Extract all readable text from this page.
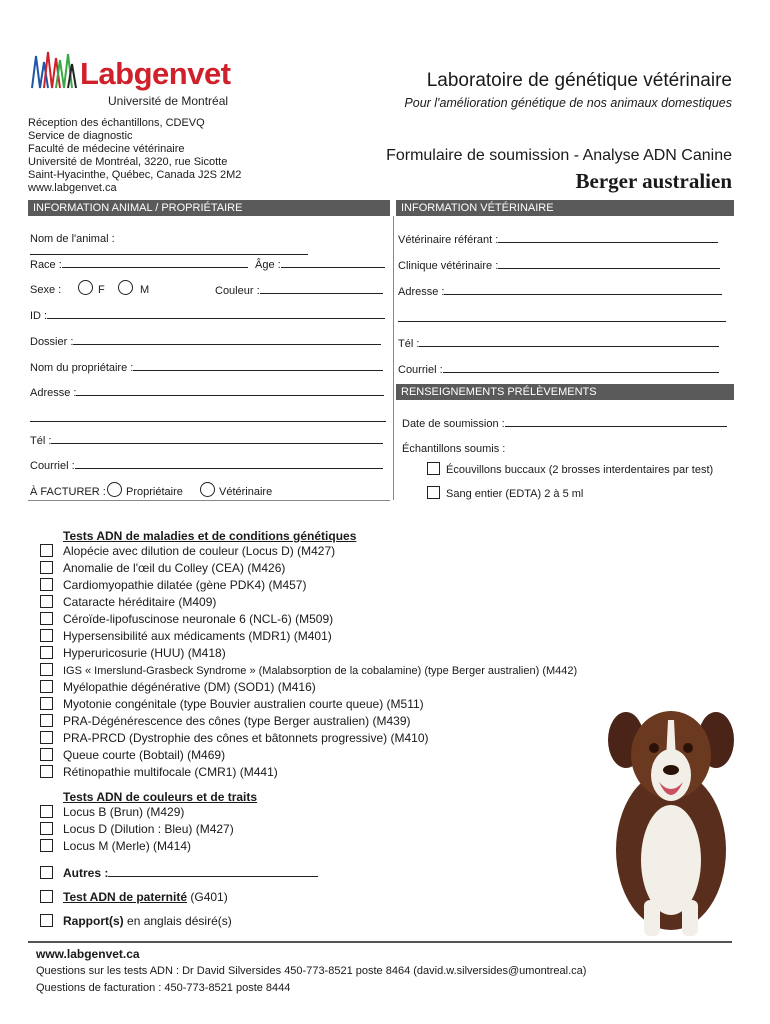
Labgenvet
Université de Montréal
Réception des échantillons, CDEVQ
Service de diagnostic
Faculté de médecine vétérinaire
Université de Montréal, 3220, rue Sicotte
Saint-Hyacinthe, Québec, Canada J2S 2M2
www.labgenvet.ca
Laboratoire de génétique vétérinaire
Pour l'amélioration génétique de nos animaux domestiques
Formulaire de soumission - Analyse ADN Canine
Berger australien
INFORMATION ANIMAL / PROPRIÉTAIRE	INFORMATION VÉTÉRINAIRE
Nom de l'animal :
Race :	Âge :
Sexe :	F	M	Couleur :
ID :
Dossier :
Nom du propriétaire :
Adresse :
Tél :
Courriel :
À FACTURER : Propriétaire	Vétérinaire
Vétérinaire référant :
Clinique vétérinaire :
Adresse :
Tél :
Courriel :
RENSEIGNEMENTS PRÉLÈVEMENTS
Date de soumission :
Échantillons soumis :
Écouvillons buccaux (2 brosses interdentaires par test)
Sang entier (EDTA) 2 à 5 ml
Tests ADN de maladies et de conditions génétiques
Alopécie avec dilution de couleur (Locus D) (M427)
Anomalie de l'œil du Colley (CEA) (M426)
Cardiomyopathie dilatée (gène PDK4) (M457)
Cataracte héréditaire (M409)
Céroïde-lipofuscinose neuronale 6 (NCL-6) (M509)
Hypersensibilité aux médicaments (MDR1) (M401)
Hyperuricosurie (HUU) (M418)
IGS « Imerslund-Grasbeck Syndrome » (Malabsorption de la cobalamine) (type Berger australien) (M442)
Myélopathie dégénérative (DM) (SOD1) (M416)
Myotonie congénitale (type Bouvier australien courte queue) (M511)
PRA-Dégénérescence des cônes (type Berger australien) (M439)
PRA-PRCD (Dystrophie des cônes et bâtonnets progressive) (M410)
Queue courte (Bobtail) (M469)
Rétinopathie multifocale (CMR1) (M441)
Tests ADN de couleurs et de traits
Locus B (Brun) (M429)
Locus D (Dilution : Bleu) (M427)
Locus M (Merle) (M414)
Autres :
Test ADN de paternité (G401)
Rapport(s) en anglais désiré(s)
www.labgenvet.ca
Questions sur les tests ADN : Dr David Silversides 450-773-8521 poste 8464 (david.w.silversides@umontreal.ca)
Questions de facturation : 450-773-8521 poste 8444
